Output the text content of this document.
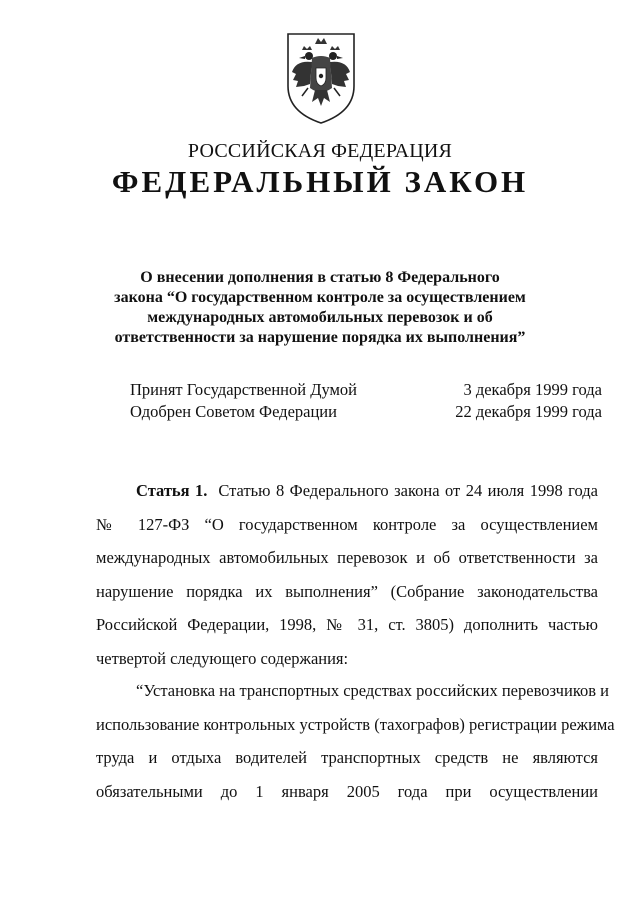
РОССИЙСКАЯ ФЕДЕРАЦИЯ
ФЕДЕРАЛЬНЫЙ ЗАКОН
О внесении дополнения в статью 8 Федерального
закона “О государственном контроле за осуществлением
международных автомобильных перевозок и об
ответственности за нарушение порядка их выполнения”
Принят Государственной Думой	3 декабря 1999 года
Одобрен Советом Федерации	22 декабря 1999 года
Статья 1. Статью 8 Федерального закона от 24 июля 1998 года
№ 127-ФЗ “О государственном контроле за осуществлением
международных автомобильных перевозок и об ответственности за
нарушение порядка их выполнения” (Собрание законодательства
Российской Федерации, 1998, № 31, ст. 3805) дополнить частью
четвертой следующего содержания:
“Установка на транспортных средствах российских перевозчиков и
использование контрольных устройств (тахографов) регистрации режима
труда и отдыха водителей транспортных средств не являются
обязательными до 1 января 2005 года при осуществлении
